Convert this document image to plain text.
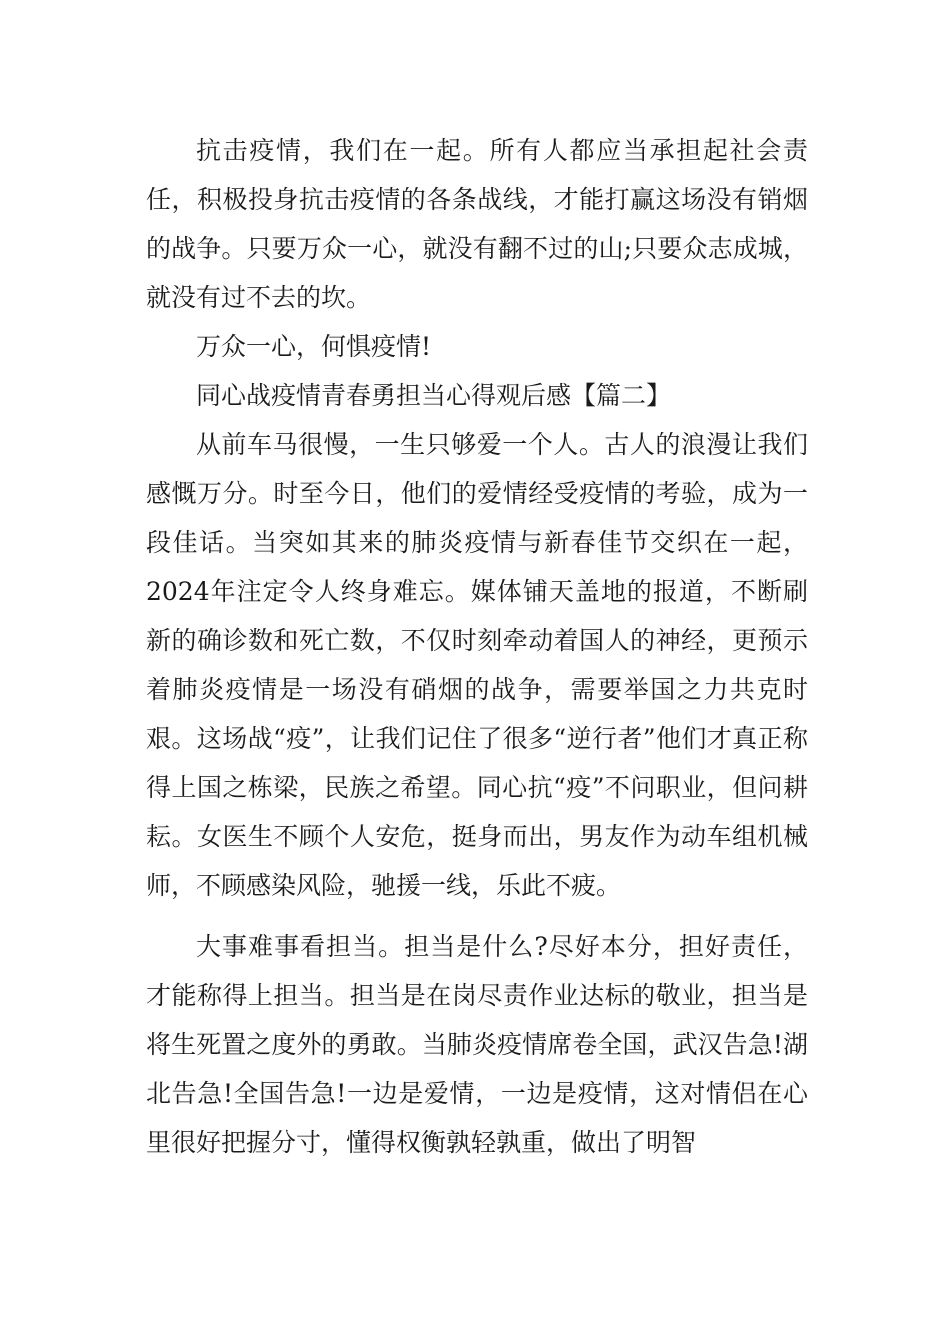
抗击疫情，我们在一起。所有人都应当承担起社会责任，积极投身抗击疫情的各条战线，才能打赢这场没有销烟的战争。只要万众一心，就没有翻不过的山;只要众志成城，就没有过不去的坎。

万众一心，何惧疫情!

同心战疫情青春勇担当心得观后感【篇二】

从前车马很慢，一生只够爱一个人。古人的浪漫让我们感慨万分。时至今日，他们的爱情经受疫情的考验，成为一段佳话。当突如其来的肺炎疫情与新春佳节交织在一起，2024年注定令人终身难忘。媒体铺天盖地的报道，不断刷新的确诊数和死亡数，不仅时刻牵动着国人的神经，更预示着肺炎疫情是一场没有硝烟的战争，需要举国之力共克时艰。这场战“疫”，让我们记住了很多“逆行者”他们才真正称得上国之栋梁，民族之希望。同心抗“疫”不问职业，但问耕耘。女医生不顾个人安危，挺身而出，男友作为动车组机械师，不顾感染风险，驰援一线，乐此不疲。

大事难事看担当。担当是什么?尽好本分，担好责任，才能称得上担当。担当是在岗尽责作业达标的敬业，担当是将生死置之度外的勇敢。当肺炎疫情席卷全国，武汉告急!湖北告急!全国告急!一边是爱情，一边是疫情，这对情侣在心里很好把握分寸，懂得权衡孰轻孰重，做出了明智
